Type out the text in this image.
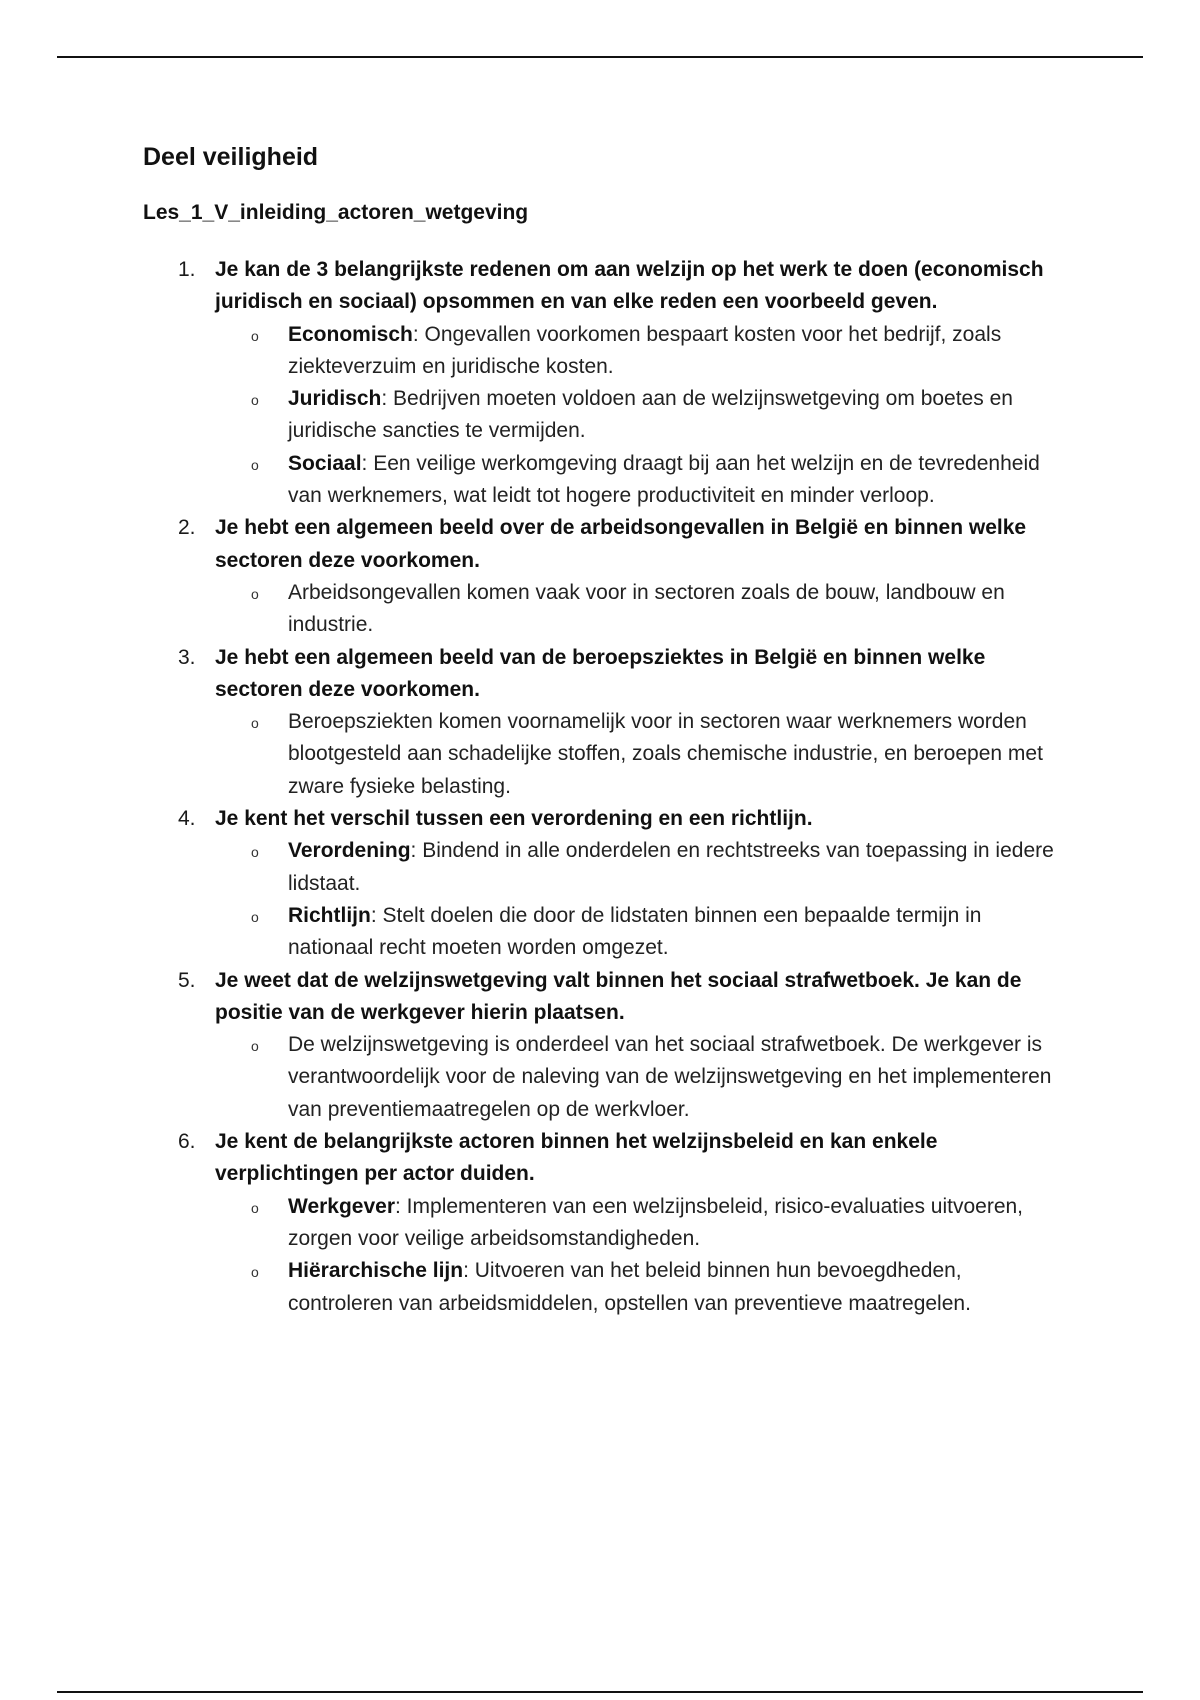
Deel veiligheid
Les_1_V_inleiding_actoren_wetgeving
1. Je kan de 3 belangrijkste redenen om aan welzijn op het werk te doen (economisch juridisch en sociaal) opsommen en van elke reden een voorbeeld geven.
o Economisch: Ongevallen voorkomen bespaart kosten voor het bedrijf, zoals ziekteverzuim en juridische kosten.
o Juridisch: Bedrijven moeten voldoen aan de welzijnswetgeving om boetes en juridische sancties te vermijden.
o Sociaal: Een veilige werkomgeving draagt bij aan het welzijn en de tevredenheid van werknemers, wat leidt tot hogere productiviteit en minder verloop.
2. Je hebt een algemeen beeld over de arbeidsongevallen in België en binnen welke sectoren deze voorkomen.
o Arbeidsongevallen komen vaak voor in sectoren zoals de bouw, landbouw en industrie.
3. Je hebt een algemeen beeld van de beroepsziektes in België en binnen welke sectoren deze voorkomen.
o Beroepsziekten komen voornamelijk voor in sectoren waar werknemers worden blootgesteld aan schadelijke stoffen, zoals chemische industrie, en beroepen met zware fysieke belasting.
4. Je kent het verschil tussen een verordening en een richtlijn.
o Verordening: Bindend in alle onderdelen en rechtstreeks van toepassing in iedere lidstaat.
o Richtlijn: Stelt doelen die door de lidstaten binnen een bepaalde termijn in nationaal recht moeten worden omgezet.
5. Je weet dat de welzijnswetgeving valt binnen het sociaal strafwetboek. Je kan de positie van de werkgever hierin plaatsen.
o De welzijnswetgeving is onderdeel van het sociaal strafwetboek. De werkgever is verantwoordelijk voor de naleving van de welzijnswetgeving en het implementeren van preventiemaatregelen op de werkvloer.
6. Je kent de belangrijkste actoren binnen het welzijnsbeleid en kan enkele verplichtingen per actor duiden.
o Werkgever: Implementeren van een welzijnsbeleid, risico-evaluaties uitvoeren, zorgen voor veilige arbeidsomstandigheden.
o Hiërarchische lijn: Uitvoeren van het beleid binnen hun bevoegdheden, controleren van arbeidsmiddelen, opstellen van preventieve maatregelen.
